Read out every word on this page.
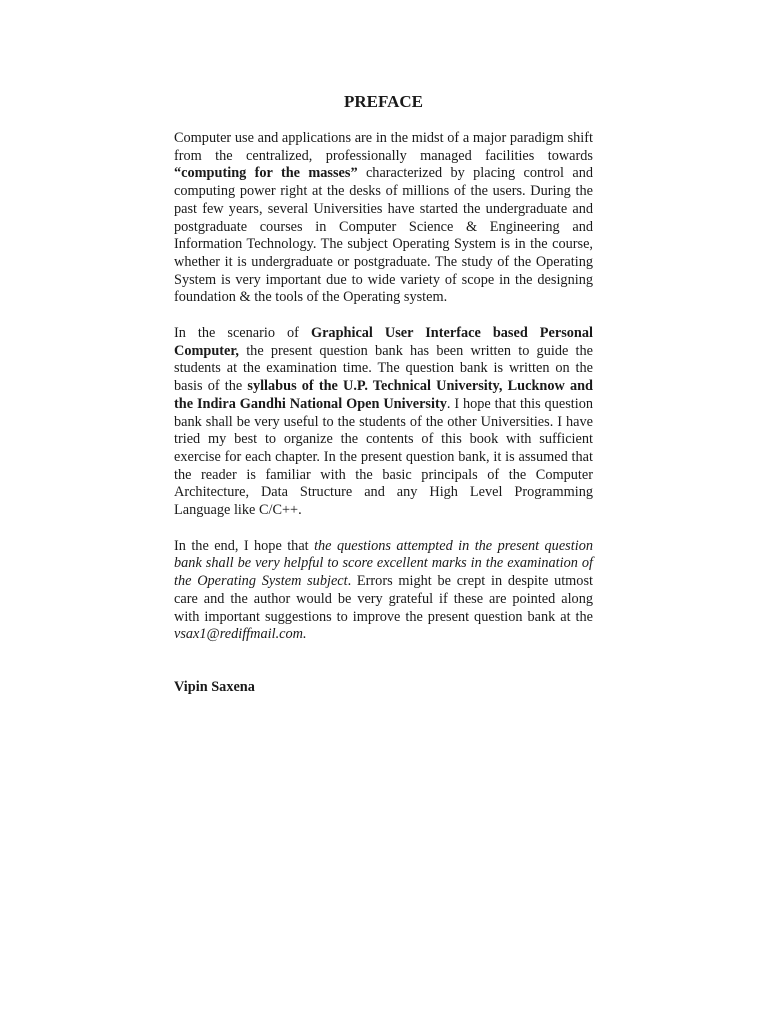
PREFACE

Computer use and applications are in the midst of a major paradigm shift from the centralized, professionally managed facilities towards “computing for the masses” characterized by placing control and computing power right at the desks of millions of the users. During the past few years, several Universities have started the undergraduate and postgraduate courses in Computer Science & Engineering and Information Technology. The subject Operating System is in the course, whether it is undergraduate or postgraduate. The study of the Operating System is very important due to wide variety of scope in the designing foundation & the tools of the Operating system.

In the scenario of Graphical User Interface based Personal Computer, the present question bank has been written to guide the students at the examination time. The question bank is written on the basis of the syllabus of the U.P. Technical University, Lucknow and the Indira Gandhi National Open University. I hope that this question bank shall be very useful to the students of the other Universities. I have tried my best to organize the contents of this book with sufficient exercise for each chapter. In the present question bank, it is assumed that the reader is familiar with the basic principals of the Computer Architecture, Data Structure and any High Level Programming Language like C/C++.

In the end, I hope that the questions attempted in the present question bank shall be very helpful to score excellent marks in the examination of the Operating System subject. Errors might be crept in despite utmost care and the author would be very grateful if these are pointed along with important suggestions to improve the present question bank at the vsax1@rediffmail.com.

Vipin Saxena
